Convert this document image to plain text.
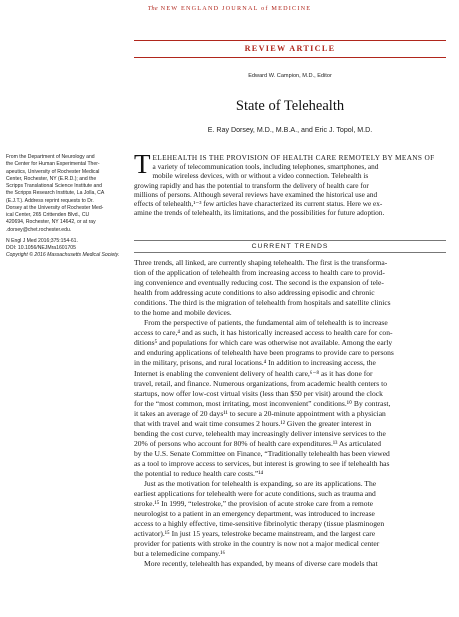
The NEW ENGLAND JOURNAL of MEDICINE
REVIEW ARTICLE
Edward W. Campion, M.D., Editor
State of Telehealth
E. Ray Dorsey, M.D., M.B.A., and Eric J. Topol, M.D.
From the Department of Neurology and
the Center for Human Experimental Ther-
apeutics, University of Rochester Medical
Center, Rochester, NY (E.R.D.); and the
Scripps Translational Science Institute and
the Scripps Research Institute, La Jolla, CA
(E.J.T.). Address reprint requests to Dr.
Dorsey at the University of Rochester Med-
ical Center, 265 Crittenden Blvd., CU
420694, Rochester, NY 14642, or at ray
.dorsey@chet.rochester.edu.
N Engl J Med 2016;375:154-61.
DOI: 10.1056/NEJMra1601705
Copyright © 2016 Massachusetts Medical Society.
T ELEHEALTH IS THE PROVISION OF HEALTH CARE REMOTELY BY MEANS OF
a variety of telecommunication tools, including telephones, smartphones, and
mobile wireless devices, with or without a video connection. Telehealth is
growing rapidly and has the potential to transform the delivery of health care for
millions of persons. Although several reviews have examined the historical use and
effects of telehealth,¹⁻³ few articles have characterized its current status. Here we ex-
amine the trends of telehealth, its limitations, and the possibilities for future adoption.
CURRENT TRENDS
Three trends, all linked, are currently shaping telehealth. The first is the transforma-
tion of the application of telehealth from increasing access to health care to provid-
ing convenience and eventually reducing cost. The second is the expansion of tele-
health from addressing acute conditions to also addressing episodic and chronic
conditions. The third is the migration of telehealth from hospitals and satellite clinics
to the home and mobile devices.
From the perspective of patients, the fundamental aim of telehealth is to increase
access to care,⁴ and as such, it has historically increased access to health care for con-
ditions⁵ and populations for which care was otherwise not available. Among the early
and enduring applications of telehealth have been programs to provide care to persons
in the military, prisons, and rural locations.⁴ In addition to increasing access, the
Internet is enabling the convenient delivery of health care,⁶⁻⁸ as it has done for
travel, retail, and finance. Numerous organizations, from academic health centers to
startups, now offer low-cost virtual visits (less than $50 per visit) around the clock
for the “most common, most irritating, most inconvenient” conditions.¹⁰ By contrast,
it takes an average of 20 days¹¹ to secure a 20-minute appointment with a physician
that with travel and wait time consumes 2 hours.¹² Given the greater interest in
bending the cost curve, telehealth may increasingly deliver intensive services to the
20% of persons who account for 80% of health care expenditures.¹³ As articulated
by the U.S. Senate Committee on Finance, “Traditionally telehealth has been viewed
as a tool to improve access to services, but interest is growing to see if telehealth has
the potential to reduce health care costs.”¹⁴
Just as the motivation for telehealth is expanding, so are its applications. The
earliest applications for telehealth were for acute conditions, such as trauma and
stroke.¹⁵ In 1999, “telestroke,” the provision of acute stroke care from a remote
neurologist to a patient in an emergency department, was introduced to increase
access to a highly effective, time-sensitive fibrinolytic therapy (tissue plasminogen
activator).¹⁵ In just 15 years, telestroke became mainstream, and the largest care
provider for patients with stroke in the country is now not a major medical center
but a telemedicine company.¹⁶
More recently, telehealth has expanded, by means of diverse care models that
